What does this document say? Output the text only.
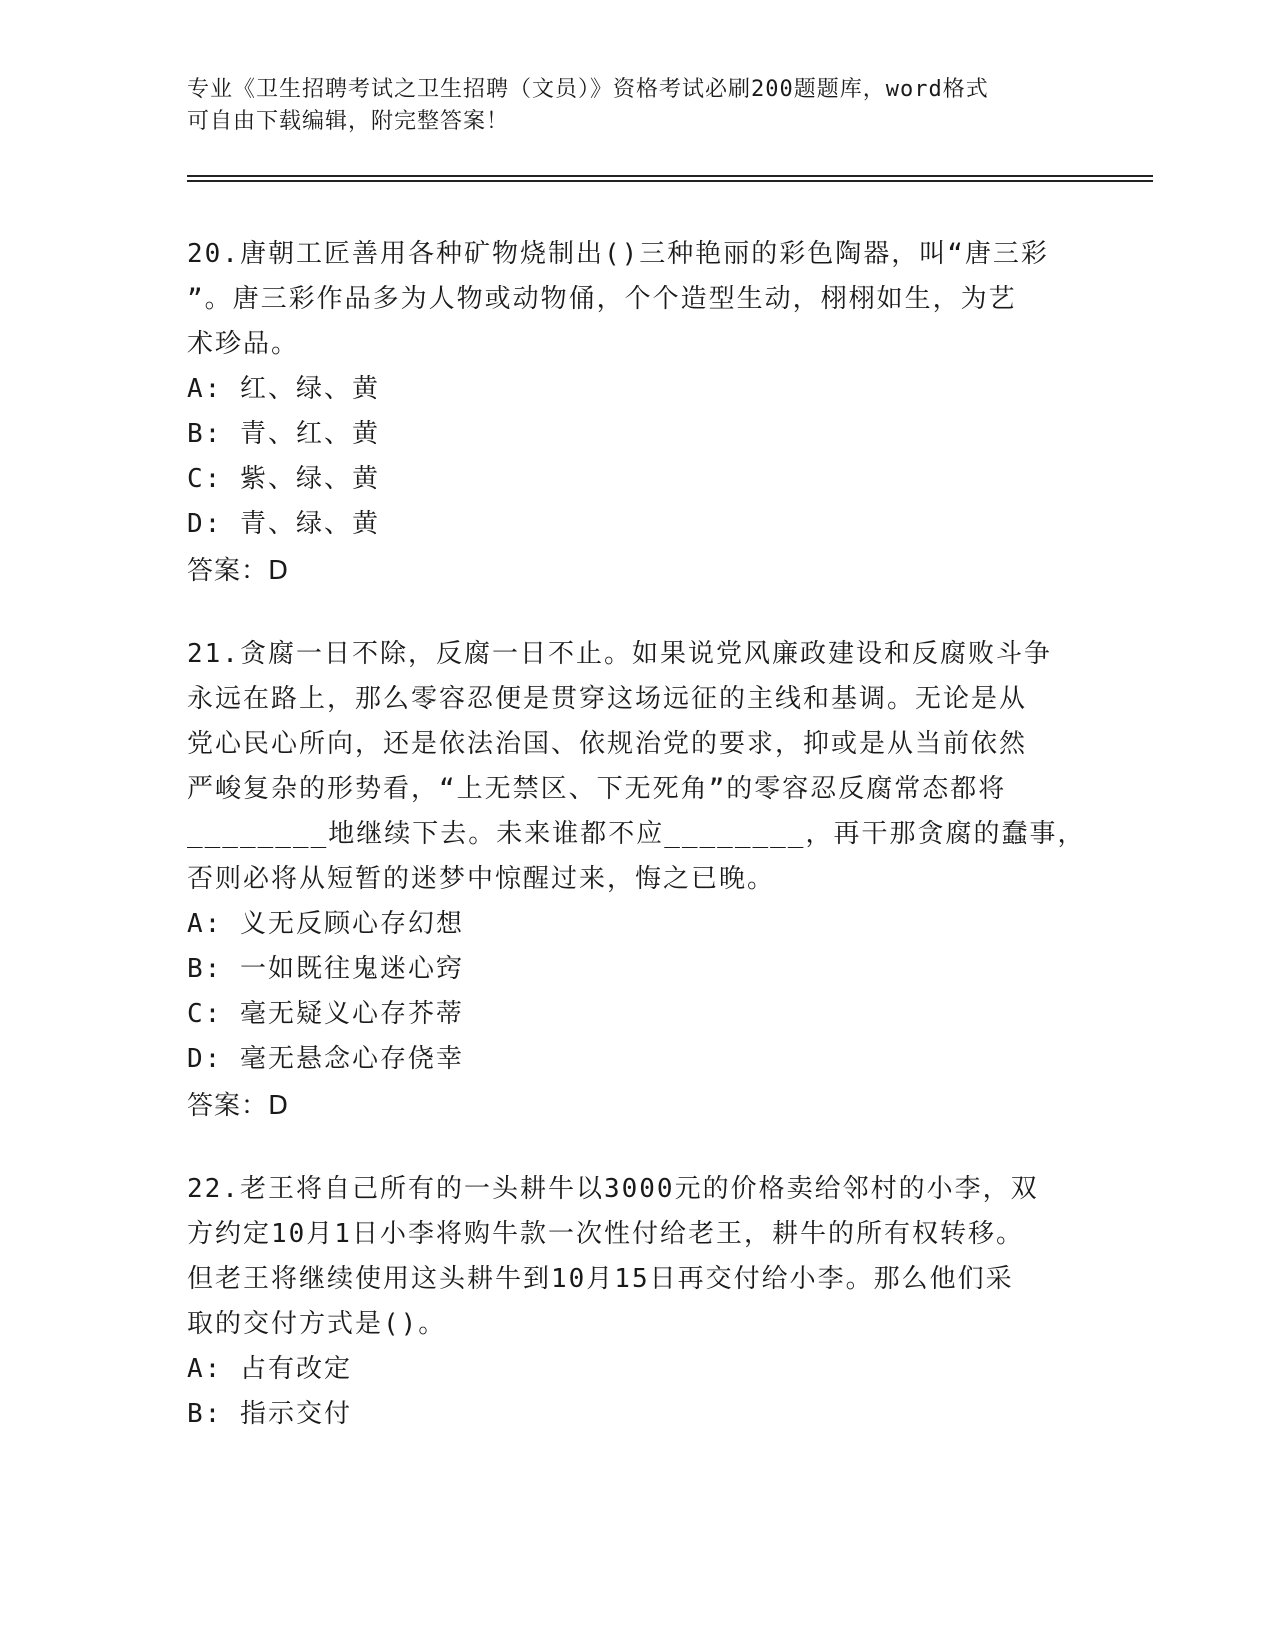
专业《卫生招聘考试之卫生招聘（文员）》资格考试必刷200题题库，word格式
可自由下载编辑，附完整答案！
20.唐朝工匠善用各种矿物烧制出()三种艳丽的彩色陶器，叫“唐三彩
”。唐三彩作品多为人物或动物俑，个个造型生动，栩栩如生，为艺
术珍品。
A: 红、绿、黄
B: 青、红、黄
C: 紫、绿、黄
D: 青、绿、黄
答案：D
21.贪腐一日不除，反腐一日不止。如果说党风廉政建设和反腐败斗争
永远在路上，那么零容忍便是贯穿这场远征的主线和基调。无论是从
党心民心所向，还是依法治国、依规治党的要求，抑或是从当前依然
严峻复杂的形势看，“上无禁区、下无死角”的零容忍反腐常态都将
________地继续下去。未来谁都不应________，再干那贪腐的蠢事，
否则必将从短暂的迷梦中惊醒过来，悔之已晚。
A: 义无反顾心存幻想
B: 一如既往鬼迷心窍
C: 毫无疑义心存芥蒂
D: 毫无悬念心存侥幸
答案：D
22.老王将自己所有的一头耕牛以3000元的价格卖给邻村的小李，双
方约定10月1日小李将购牛款一次性付给老王，耕牛的所有权转移。
但老王将继续使用这头耕牛到10月15日再交付给小李。那么他们采
取的交付方式是()。
A: 占有改定
B: 指示交付
